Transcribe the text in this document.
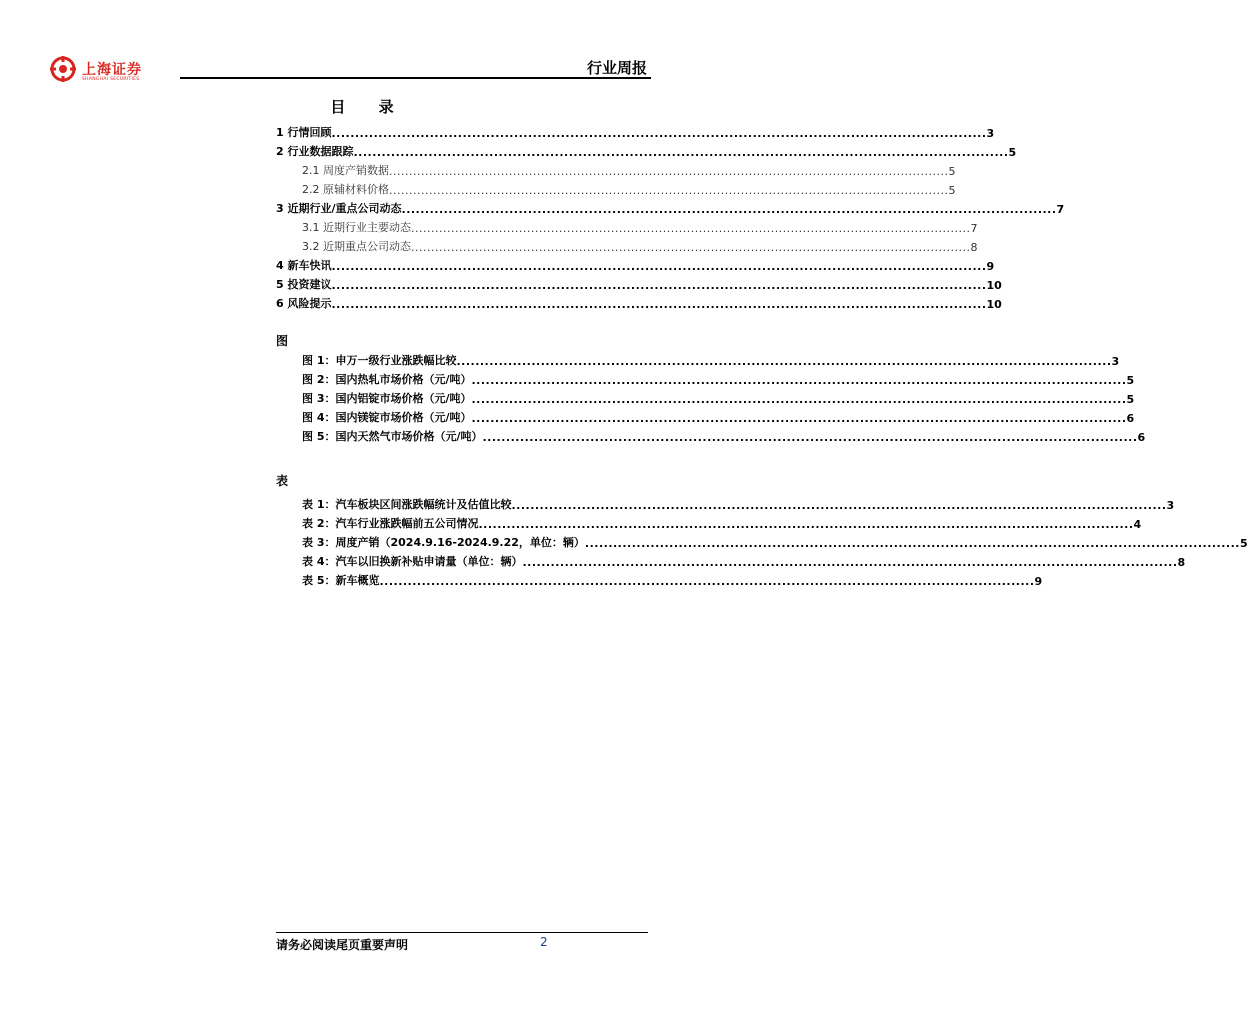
上海证券
SHANGHAI SECURITIES
行业周报
目 录
1 行情回顾 ............................................................................................................................................ 3
2 行业数据跟踪 ............................................................................................................................................ 5
2.1 周度产销数据 ............................................................................................................................................ 5
2.2 原辅材料价格 ............................................................................................................................................ 5
3 近期行业/重点公司动态 ............................................................................................................................................ 7
3.1 近期行业主要动态 ............................................................................................................................................ 7
3.2 近期重点公司动态 ............................................................................................................................................ 8
4 新车快讯 ............................................................................................................................................ 9
5 投资建议 ............................................................................................................................................ 10
6 风险提示 ............................................................................................................................................ 10
图
图 1：申万一级行业涨跌幅比较 ............................................................................................................................................ 3
图 2：国内热轧市场价格（元/吨） ............................................................................................................................................ 5
图 3：国内铝锭市场价格（元/吨） ............................................................................................................................................ 5
图 4：国内镁锭市场价格（元/吨） ............................................................................................................................................ 6
图 5：国内天然气市场价格（元/吨） ............................................................................................................................................ 6
表
表 1：汽车板块区间涨跌幅统计及估值比较 ............................................................................................................................................ 3
表 2：汽车行业涨跌幅前五公司情况 ............................................................................................................................................ 4
表 3：周度产销（2024.9.16-2024.9.22，单位：辆） ............................................................................................................................................ 5
表 4：汽车以旧换新补贴申请量（单位：辆） ............................................................................................................................................ 8
表 5：新车概览 ............................................................................................................................................ 9
请务必阅读尾页重要声明	2
